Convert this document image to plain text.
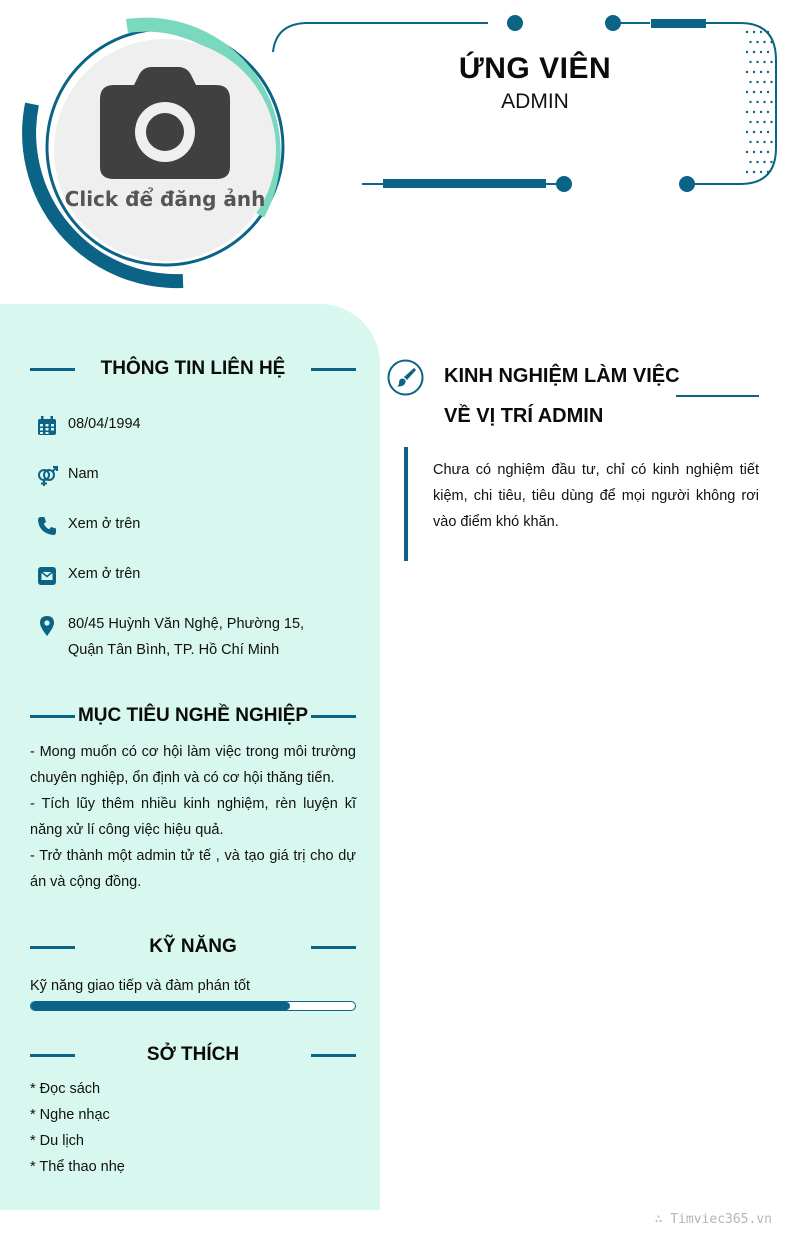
Click để đăng ảnh
ỨNG VIÊN
ADMIN
THÔNG TIN LIÊN HỆ
08/04/1994
Nam
Xem ở trên
Xem ở trên
80/45 Huỳnh Văn Nghệ, Phường 15, Quận Tân Bình, TP. Hồ Chí Minh
MỤC TIÊU NGHỀ NGHIỆP
- Mong muốn có cơ hội làm việc trong môi trường chuyên nghiệp, ổn định và có cơ hội thăng tiến.
- Tích lũy thêm nhiều kinh nghiệm, rèn luyện kĩ năng xử lí công việc hiệu quả.
- Trở thành một admin tử tế , và tạo giá trị cho dự án và cộng đồng.
KỸ NĂNG
Kỹ năng giao tiếp và đàm phán tốt
SỞ THÍCH
* Đọc sách
* Nghe nhạc
* Du lịch
* Thể thao nhẹ
KINH NGHIỆM LÀM VIỆC
VỀ VỊ TRÍ ADMIN
Chưa có nghiệm đầu tư, chỉ có kinh nghiệm tiết kiệm, chi tiêu, tiêu dùng để mọi người không rơi vào điểm khó khăn.
∴ Timviec365.vn
